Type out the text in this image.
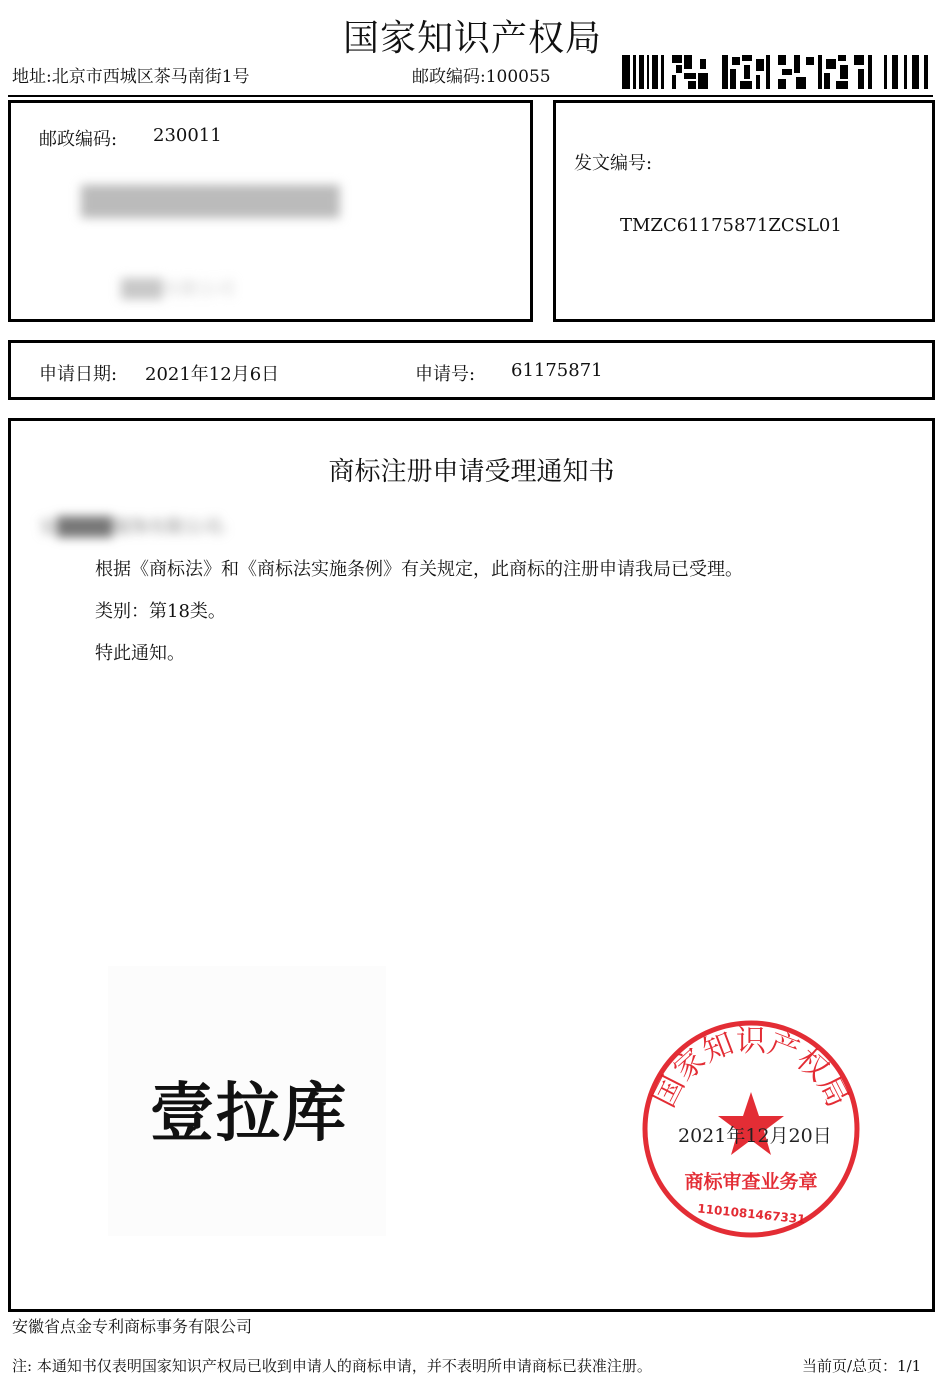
国家知识产权局
地址:北京市西城区茶马南街1号	邮政编码:100055
邮政编码: 230011
████████████
███有限公司
发文编号:
TMZC61175871ZCSL01
申请日期: 2021年12月6日	申请号: 61175871
商标注册申请受理通知书
安████服饰有限公司:
根据《商标法》和《商标法实施条例》有关规定，此商标的注册申请我局已受理。
类别：第18类。
特此通知。
壹拉库	国家知识产权局
商标审查业务章
1101081467331
2021年12月20日
安徽省点金专利商标事务有限公司
注: 本通知书仅表明国家知识产权局已收到申请人的商标申请，并不表明所申请商标已获准注册。	当前页/总页：1/1
